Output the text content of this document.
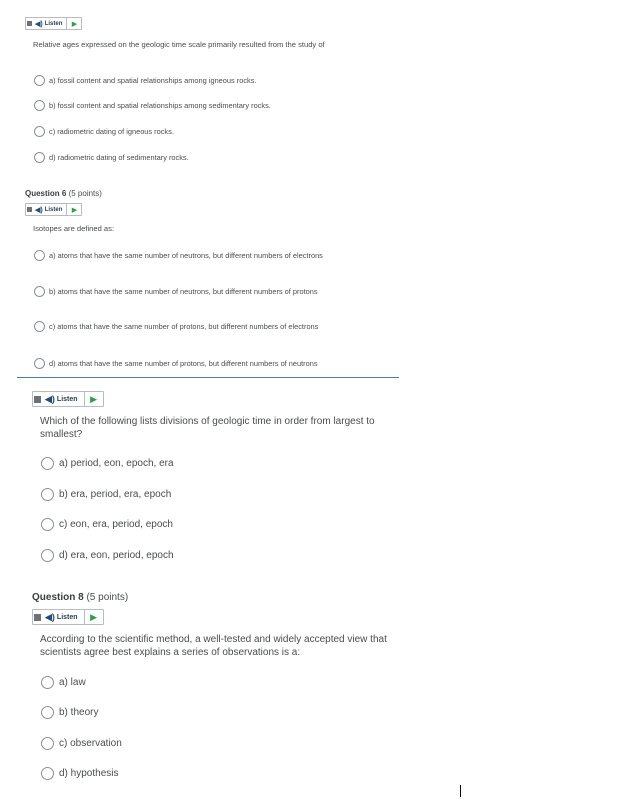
◀) Listen	▶
Relative ages expressed on the geologic time scale primarily resulted from the study of
a) fossil content and spatial relationships among igneous rocks.
b) fossil content and spatial relationships among sedimentary rocks.
c) radiometric dating of igneous rocks.
d) radiometric dating of sedimentary rocks.
Question 6 (5 points)
◀) Listen	▶
Isotopes are defined as:
a) atoms that have the same number of neutrons, but different numbers of electrons
b) atoms that have the same number of neutrons, but different numbers of protons
c) atoms that have the same number of protons, but different numbers of electrons
d) atoms that have the same number of protons, but different numbers of neutrons
◀) Listen	▶
Which of the following lists divisions of geologic time in order from largest to smallest?
a) period, eon, epoch, era
b) era, period, era, epoch
c) eon, era, period, epoch
d) era, eon, period, epoch
Question 8 (5 points)
◀) Listen	▶
According to the scientific method, a well-tested and widely accepted view that scientists agree best explains a series of observations is a:
a) law
b) theory
c) observation
d) hypothesis
